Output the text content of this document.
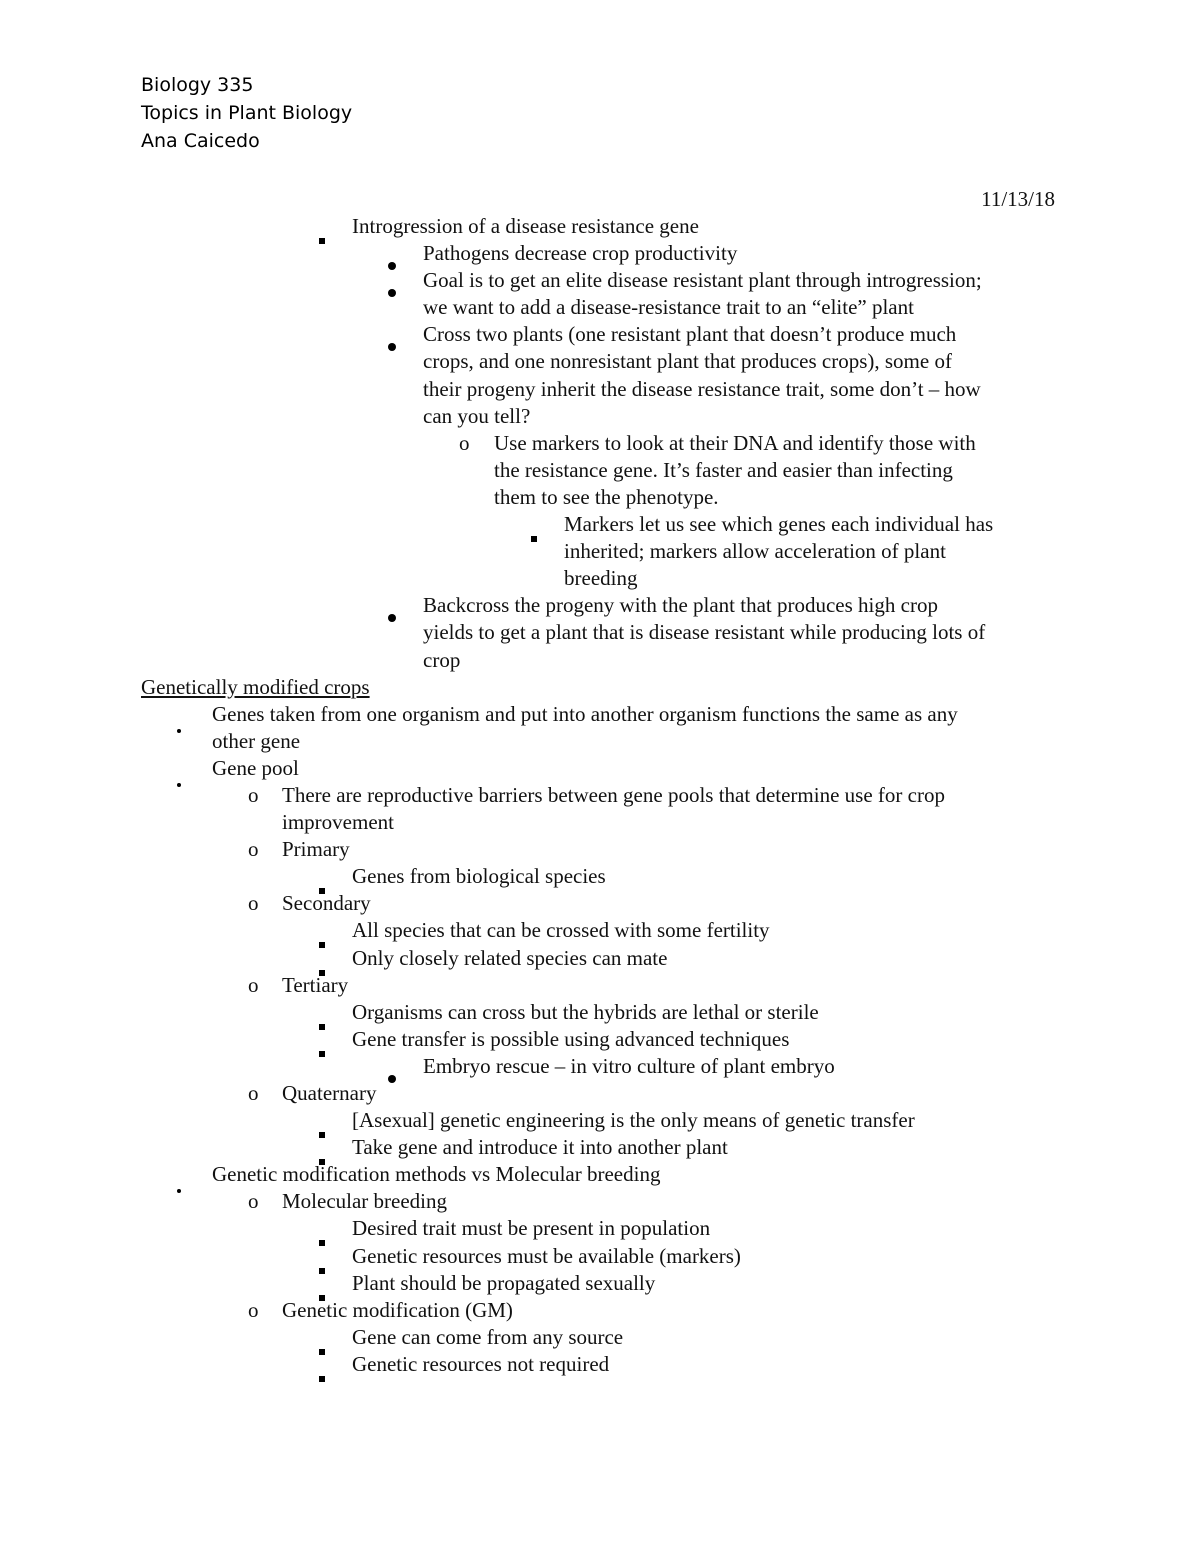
Biology 335
Topics in Plant Biology
Ana Caicedo
11/13/18
Introgression of a disease resistance gene
Pathogens decrease crop productivity
Goal is to get an elite disease resistant plant through introgression;
we want to add a disease-resistance trait to an “elite” plant
Cross two plants (one resistant plant that doesn’t produce much
crops, and one nonresistant plant that produces crops), some of
their progeny inherit the disease resistance trait, some don’t – how
can you tell?
o Use markers to look at their DNA and identify those with
the resistance gene. It’s faster and easier than infecting
them to see the phenotype.
Markers let us see which genes each individual has
inherited; markers allow acceleration of plant
breeding
Backcross the progeny with the plant that produces high crop
yields to get a plant that is disease resistant while producing lots of
crop
Genetically modified crops
Genes taken from one organism and put into another organism functions the same as any
other gene
Gene pool
o There are reproductive barriers between gene pools that determine use for crop
improvement
o Primary
Genes from biological species
o Secondary
All species that can be crossed with some fertility
Only closely related species can mate
o Tertiary
Organisms can cross but the hybrids are lethal or sterile
Gene transfer is possible using advanced techniques
Embryo rescue – in vitro culture of plant embryo
o Quaternary
[Asexual] genetic engineering is the only means of genetic transfer
Take gene and introduce it into another plant
Genetic modification methods vs Molecular breeding
o Molecular breeding
Desired trait must be present in population
Genetic resources must be available (markers)
Plant should be propagated sexually
o Genetic modification (GM)
Gene can come from any source
Genetic resources not required
